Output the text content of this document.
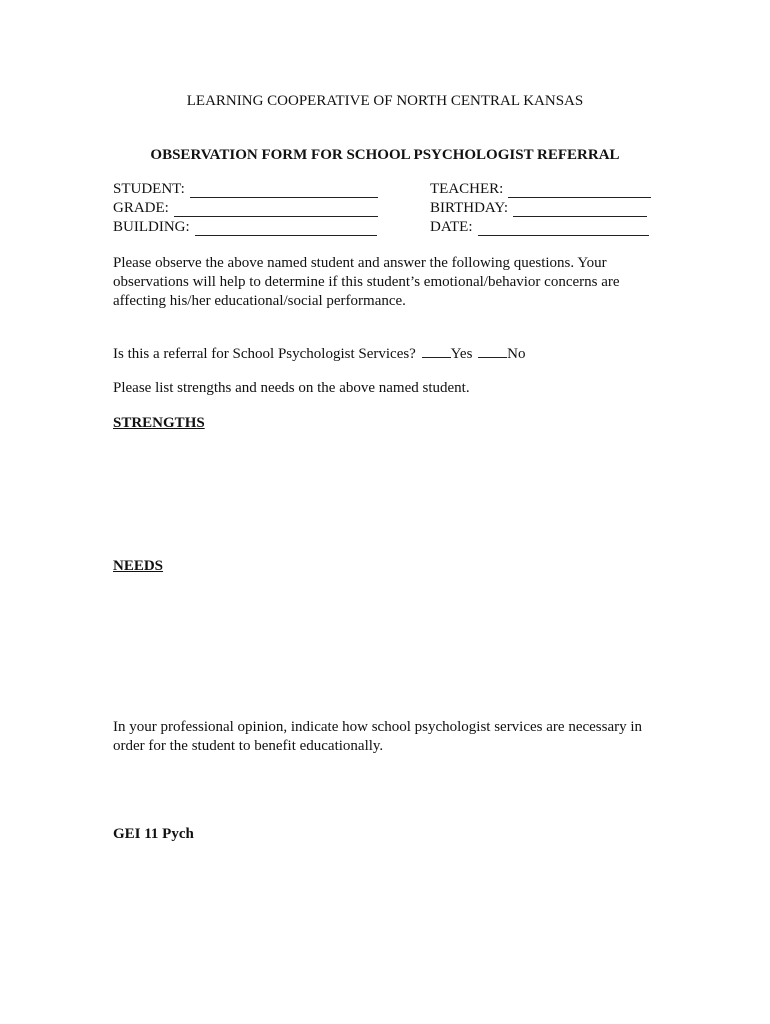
LEARNING COOPERATIVE OF NORTH CENTRAL KANSAS
OBSERVATION FORM FOR SCHOOL PSYCHOLOGIST REFERRAL
STUDENT:
GRADE:
BUILDING:
TEACHER:
BIRTHDAY:
DATE:
Please observe the above named student and answer the following questions. Your observations will help to determine if this student’s emotional/behavior concerns are affecting his/her educational/social performance.
Is this a referral for School Psychologist Services? Yes No
Please list strengths and needs on the above named student.
STRENGTHS
NEEDS
In your professional opinion, indicate how school psychologist services are necessary in order for the student to benefit educationally.
GEI 11 Pych
